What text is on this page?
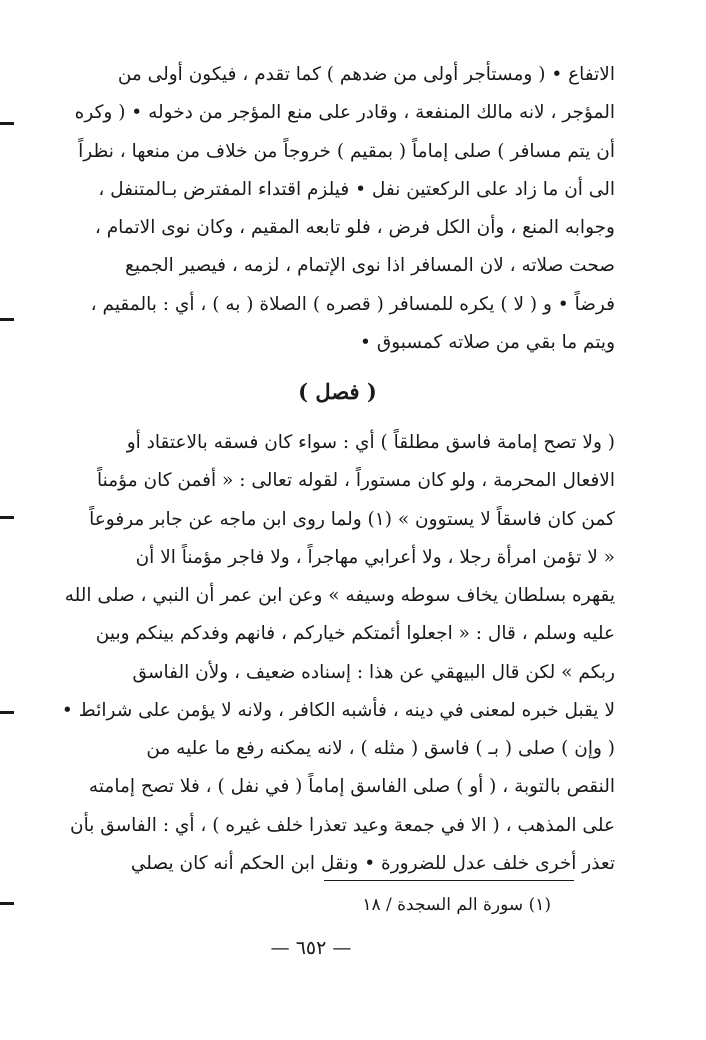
الاتفاع • ( ومستأجر أولى من ضدهم ) كما تقدم ، فيكون أولى من
المؤجر ، لانه مالك المنفعة ، وقادر على منع المؤجر من دخوله • ( وكره
أن يتم مسافر ) صلى إماماً ( بمقيم ) خروجاً من خلاف من منعها ، نظراً
الى أن ما زاد على الركعتين نفل • فيلزم اقتداء المفترض بـالمتنفل ،
وجوابه المنع ، وأن الكل فرض ، فلو تابعه المقيم ، وكان نوى الاتمام ،
صحت صلاته ، لان المسافر اذا نوى الإتمام ، لزمه ، فيصير الجميع
فرضاً • و ( لا ) يكره للمسافر ( قصره ) الصلاة ( به ) ، أي : بالمقيم ،
ويتم ما بقي من صلاته كمسبوق •
( فصل )
( ولا تصح إمامة فاسق مطلقاً ) أي : سواء كان فسقه بالاعتقاد أو
الافعال المحرمة ، ولو كان مستوراً ، لقوله تعالى : « أفمن كان مؤمناً
كمن كان فاسقاً لا يستوون » (١) ولما روى ابن ماجه عن جابر مرفوعاً
« لا تؤمن امرأة رجلا ، ولا أعرابي مهاجراً ، ولا فاجر مؤمناً الا أن
يقهره بسلطان يخاف سوطه وسيفه » وعن ابن عمر أن النبي ، صلى الله
عليه وسلم ، قال : « اجعلوا أئمتكم خياركم ، فانهم وفدكم بينكم وبين
ربكم » لكن قال البيهقي عن هذا : إسناده ضعيف ، ولأن الفاسق
لا يقبل خبره لمعنى في دينه ، فأشبه الكافر ، ولانه لا يؤمن على شرائط •
( وإن ) صلى ( بـ ) فاسق ( مثله ) ، لانه يمكنه رفع ما عليه من
النقص بالتوبة ، ( أو ) صلى الفاسق إماماً ( في نفل ) ، فلا تصح إمامته
على المذهب ، ( الا في جمعة وعيد تعذرا خلف غيره ) ، أي : الفاسق بأن
تعذر أخرى خلف عدل للضرورة • ونقل ابن الحكم أنه كان يصلي
(١) سورة الم السجدة / ١٨
— ٦٥٢ —
